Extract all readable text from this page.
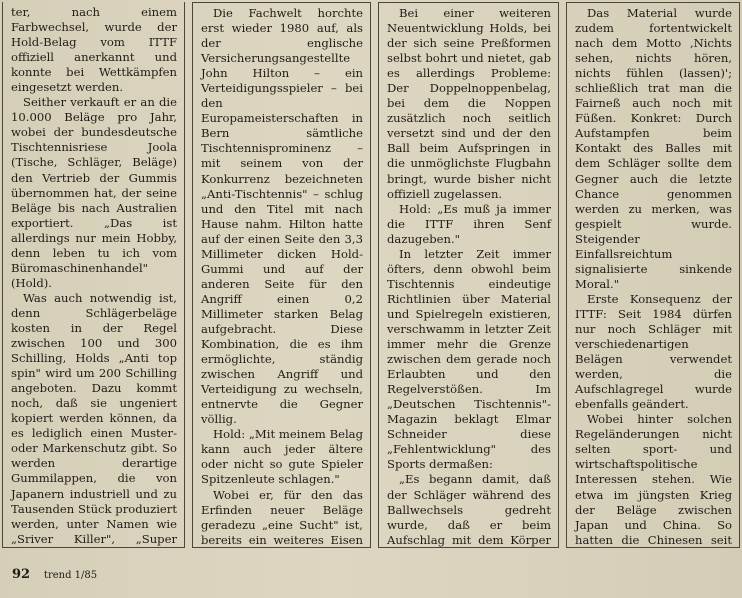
ter, nach einem Farbwechsel, wurde der Hold-Belag vom ITTF offiziell anerkannt und konnte bei Wettkämpfen eingesetzt werden.

Seither verkauft er an die 10.000 Beläge pro Jahr, wobei der bundesdeutsche Tischtennisriese Joola (Tische, Schläger, Beläge) den Vertrieb der Gummis übernommen hat, der seine Beläge bis nach Australien exportiert. „Das ist allerdings nur mein Hobby, denn leben tu ich vom Büromaschinenhandel" (Hold).

Was auch notwendig ist, denn Schlägerbeläge kosten in der Regel zwischen 100 und 300 Schilling, Holds „Anti top spin" wird um 200 Schilling angeboten. Dazu kommt noch, daß sie ungeniert kopiert werden können, da es lediglich einen Muster- oder Markenschutz gibt. So werden derartige Gummilappen, die von Japanern industriell und zu Tausenden Stück produziert werden, unter Namen wie „Sriver Killer", „Super

Die Fachwelt horchte erst wieder 1980 auf, als der englische Versicherungsangestellte John Hilton – ein Verteidigungsspieler – bei den Europameisterschaften in Bern sämtliche Tischtennisprominenz – mit seinem von der Konkurrenz bezeichneten „Anti-Tischtennis" – schlug und den Titel mit nach Hause nahm. Hilton hatte auf der einen Seite den 3,3 Millimeter dicken Hold-Gummi und auf der anderen Seite für den Angriff einen 0,2 Millimeter starken Belag aufgebracht. Diese Kombination, die es ihm ermöglichte, ständig zwischen Angriff und Verteidigung zu wechseln, entnervte die Gegner völlig.

Hold: „Mit meinem Belag kann auch jeder ältere oder nicht so gute Spieler Spitzenleute schlagen."

Wobei er, für den das Erfinden neuer Beläge geradezu „eine Sucht" ist, bereits ein weiteres Eisen

Bei einer weiteren Neuentwicklung Holds, bei der sich seine Preßformen selbst bohrt und nietet, gab es allerdings Probleme: Der Doppelnoppenbelag, bei dem die Noppen zusätzlich noch seitlich versetzt sind und der den Ball beim Aufspringen in die unmöglichste Flugbahn bringt, wurde bisher nicht offiziell zugelassen.

Hold: „Es muß ja immer die ITTF ihren Senf dazugeben."

In letzter Zeit immer öfters, denn obwohl beim Tischtennis eindeutige Richtlinien über Material und Spielregeln existieren, verschwamm in letzter Zeit immer mehr die Grenze zwischen dem gerade noch Erlaubten und den Regelverstößen. Im „Deutschen Tischtennis"-Magazin beklagt Elmar Schneider diese „Fehlentwicklung" des Sports dermaßen:

„Es begann damit, daß der Schläger während des Ballwechsels gedreht wurde, daß er beim Aufschlag mit dem Körper

Das Material wurde zudem fortentwickelt nach dem Motto ‚Nichts sehen, nichts hören, nichts fühlen (lassen)'; schließlich trat man die Fairneß auch noch mit Füßen. Konkret: Durch Aufstampfen beim Kontakt des Balles mit dem Schläger sollte dem Gegner auch die letzte Chance genommen werden zu merken, was gespielt wurde. Steigender Einfallsreichtum signalisierte sinkende Moral."

Erste Konsequenz der ITTF: Seit 1984 dürfen nur noch Schläger mit verschiedenartigen Belägen verwendet werden, die Aufschlagregel wurde ebenfalls geändert.

Wobei hinter solchen Regeländerungen nicht selten sport- und wirtschaftspolitische Interessen stehen. Wie etwa im jüngsten Krieg der Beläge zwischen Japan und China. So hatten die Chinesen seit

92 trend 1/85
